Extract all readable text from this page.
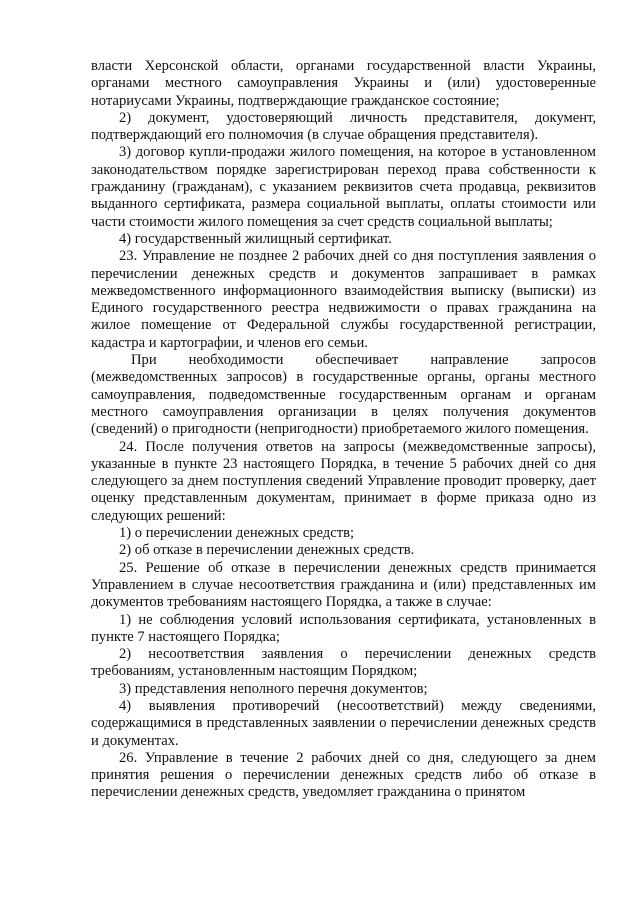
власти Херсонской области, органами государственной власти Украины, органами местного самоуправления Украины и (или) удостоверенные нотариусами Украины, подтверждающие гражданское состояние;

2) документ, удостоверяющий личность представителя, документ, подтверждающий его полномочия (в случае обращения представителя).

3) договор купли-продажи жилого помещения, на которое в установленном законодательством порядке зарегистрирован переход права собственности к гражданину (гражданам), с указанием реквизитов счета продавца, реквизитов выданного сертификата, размера социальной выплаты, оплаты стоимости или части стоимости жилого помещения за счет средств социальной выплаты;

4) государственный жилищный сертификат.

23. Управление не позднее 2 рабочих дней со дня поступления заявления о перечислении денежных средств и документов запрашивает в рамках межведомственного информационного взаимодействия выписку (выписки) из Единого государственного реестра недвижимости о правах гражданина на жилое помещение от Федеральной службы государственной регистрации, кадастра и картографии, и членов его семьи.

При необходимости обеспечивает направление запросов (межведомственных запросов) в государственные органы, органы местного самоуправления, подведомственные государственным органам и органам местного самоуправления организации в целях получения документов (сведений) о пригодности (непригодности) приобретаемого жилого помещения.

24. После получения ответов на запросы (межведомственные запросы), указанные в пункте 23 настоящего Порядка, в течение 5 рабочих дней со дня следующего за днем поступления сведений Управление проводит проверку, дает оценку представленным документам, принимает в форме приказа одно из следующих решений:

1) о перечислении денежных средств;

2) об отказе в перечислении денежных средств.

25. Решение об отказе в перечислении денежных средств принимается Управлением в случае несоответствия гражданина и (или) представленных им документов требованиям настоящего Порядка, а также в случае:

1) не соблюдения условий использования сертификата, установленных в пункте 7 настоящего Порядка;

2) несоответствия заявления о перечислении денежных средств требованиям, установленным настоящим Порядком;

3) представления неполного перечня документов;

4) выявления противоречий (несоответствий) между сведениями, содержащимися в представленных заявлении о перечислении денежных средств и документах.

26. Управление в течение 2 рабочих дней со дня, следующего за днем принятия решения о перечислении денежных средств либо об отказе в перечислении денежных средств, уведомляет гражданина о принятом
